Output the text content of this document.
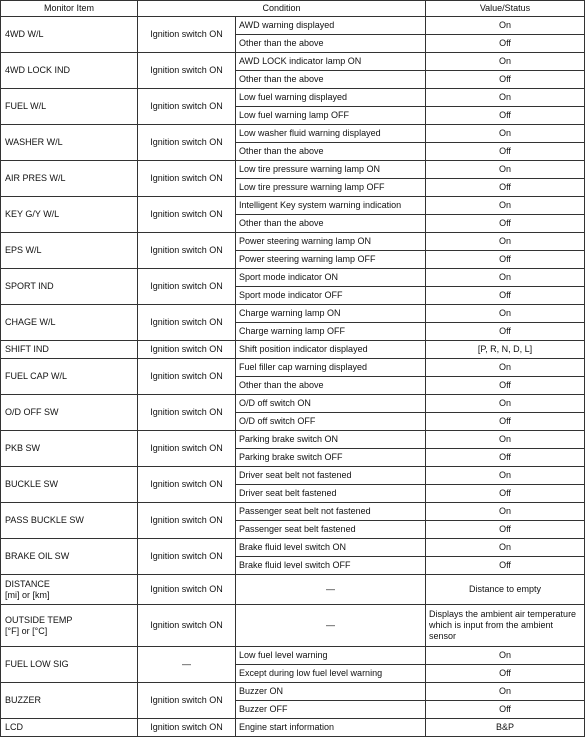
Monitor Item	Condition		Value/Status
4WD W/L	Ignition switch ON	AWD warning displayed	On
		Other than the above	Off
4WD LOCK IND	Ignition switch ON	AWD LOCK indicator lamp ON	On
		Other than the above	Off
FUEL W/L	Ignition switch ON	Low fuel warning displayed	On
		Low fuel warning lamp OFF	Off
WASHER W/L	Ignition switch ON	Low washer fluid warning displayed	On
		Other than the above	Off
AIR PRES W/L	Ignition switch ON	Low tire pressure warning lamp ON	On
		Low tire pressure warning lamp OFF	Off
KEY G/Y W/L	Ignition switch ON	Intelligent Key system warning indication	On
		Other than the above	Off
EPS W/L	Ignition switch ON	Power steering warning lamp ON	On
		Power steering warning lamp OFF	Off
SPORT IND	Ignition switch ON	Sport mode indicator ON	On
		Sport mode indicator OFF	Off
CHAGE W/L	Ignition switch ON	Charge warning lamp ON	On
		Charge warning lamp OFF	Off
SHIFT IND	Ignition switch ON	Shift position indicator displayed	[P, R, N, D, L]
FUEL CAP W/L	Ignition switch ON	Fuel filler cap warning displayed	On
		Other than the above	Off
O/D OFF SW	Ignition switch ON	O/D off switch ON	On
		O/D off switch OFF	Off
PKB SW	Ignition switch ON	Parking brake switch ON	On
		Parking brake switch OFF	Off
BUCKLE SW	Ignition switch ON	Driver seat belt not fastened	On
		Driver seat belt fastened	Off
PASS BUCKLE SW	Ignition switch ON	Passenger seat belt not fastened	On
		Passenger seat belt fastened	Off
BRAKE OIL SW	Ignition switch ON	Brake fluid level switch ON	On
		Brake fluid level switch OFF	Off
DISTANCE
[mi] or [km]	Ignition switch ON	—	Distance to empty
OUTSIDE TEMP
[°F] or [°C]	Ignition switch ON	—	Displays the ambient air temperature which is input from the ambient sensor
FUEL LOW SIG	—	Low fuel level warning	On
		Except during low fuel level warning	Off
BUZZER	Ignition switch ON	Buzzer ON	On
		Buzzer OFF	Off
LCD	Ignition switch ON	Engine start information	B&P
